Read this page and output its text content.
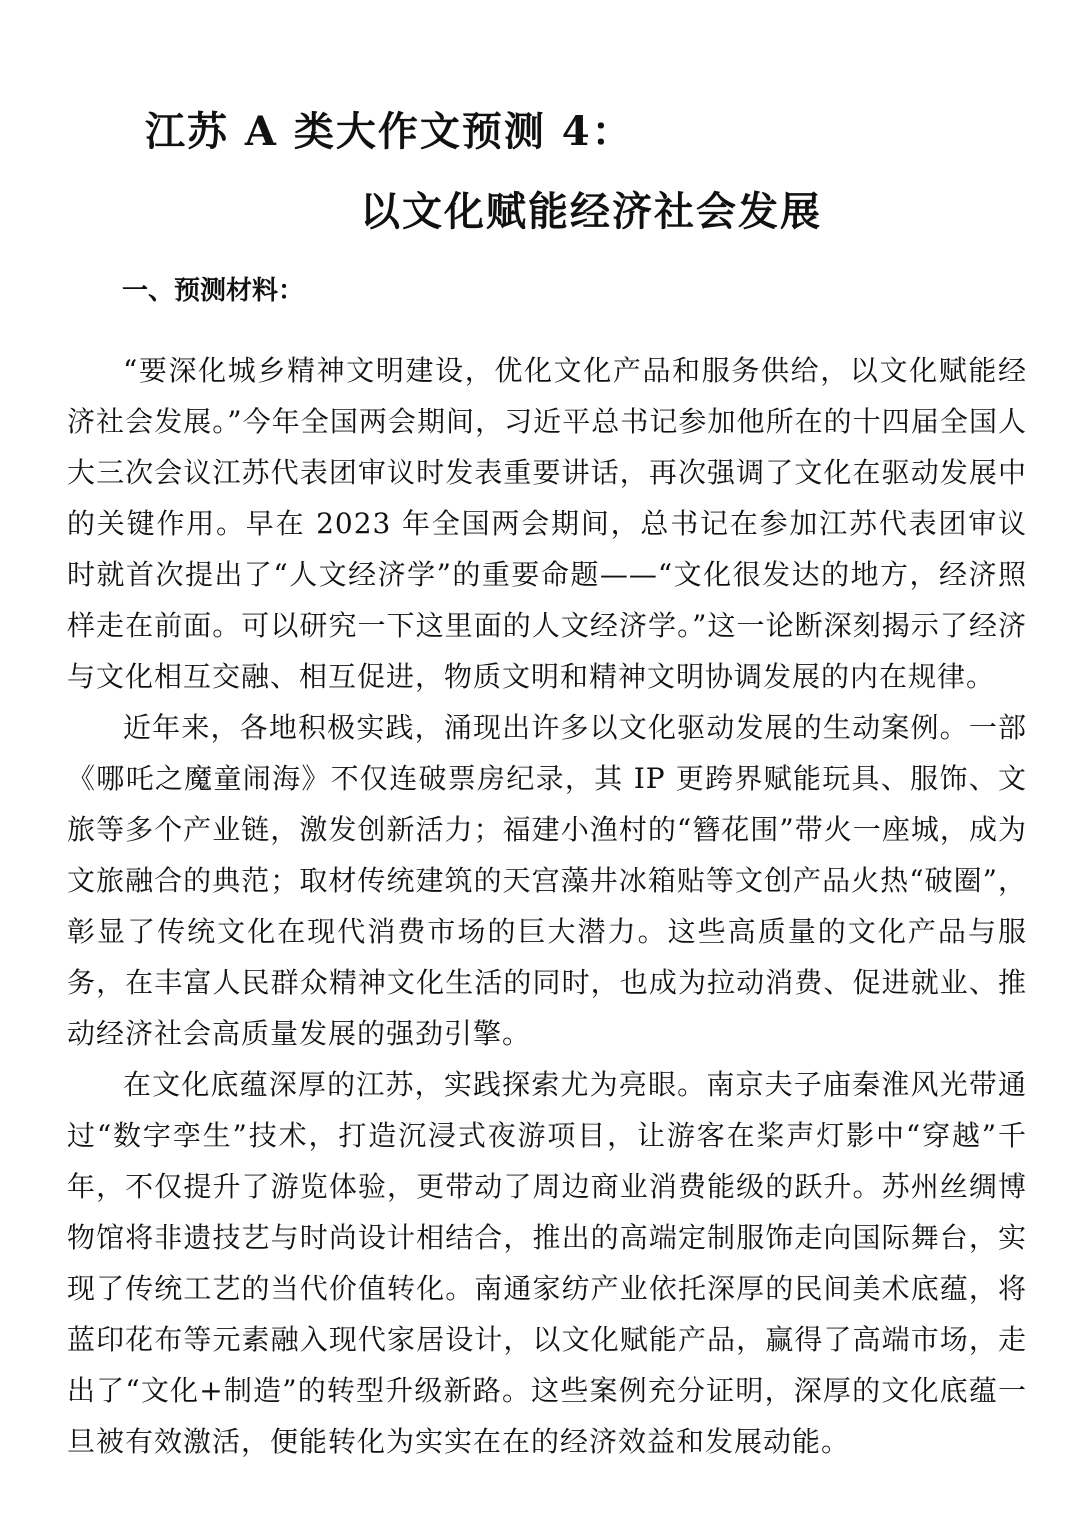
江苏 A 类大作文预测 4：
以文化赋能经济社会发展
一、预测材料：

“要深化城乡精神文明建设，优化文化产品和服务供给，以文化赋能经济社会发展。”今年全国两会期间，习近平总书记参加他所在的十四届全国人大三次会议江苏代表团审议时发表重要讲话，再次强调了文化在驱动发展中的关键作用。早在 2023 年全国两会期间，总书记在参加江苏代表团审议时就首次提出了“人文经济学”的重要命题——“文化很发达的地方，经济照样走在前面。可以研究一下这里面的人文经济学。”这一论断深刻揭示了经济与文化相互交融、相互促进，物质文明和精神文明协调发展的内在规律。

近年来，各地积极实践，涌现出许多以文化驱动发展的生动案例。一部《哪吒之魔童闹海》不仅连破票房纪录，其 IP 更跨界赋能玩具、服饰、文旅等多个产业链，激发创新活力；福建小渔村的“簪花围”带火一座城，成为文旅融合的典范；取材传统建筑的天宫藻井冰箱贴等文创产品火热“破圈”，彰显了传统文化在现代消费市场的巨大潜力。这些高质量的文化产品与服务，在丰富人民群众精神文化生活的同时，也成为拉动消费、促进就业、推动经济社会高质量发展的强劲引擎。

在文化底蕴深厚的江苏，实践探索尤为亮眼。南京夫子庙秦淮风光带通过“数字孪生”技术，打造沉浸式夜游项目，让游客在桨声灯影中“穿越”千年，不仅提升了游览体验，更带动了周边商业消费能级的跃升。苏州丝绸博物馆将非遗技艺与时尚设计相结合，推出的高端定制服饰走向国际舞台，实现了传统工艺的当代价值转化。南通家纺产业依托深厚的民间美术底蕴，将蓝印花布等元素融入现代家居设计，以文化赋能产品，赢得了高端市场，走出了“文化+制造”的转型升级新路。这些案例充分证明，深厚的文化底蕴一旦被有效激活，便能转化为实实在在的经济效益和发展动能。
